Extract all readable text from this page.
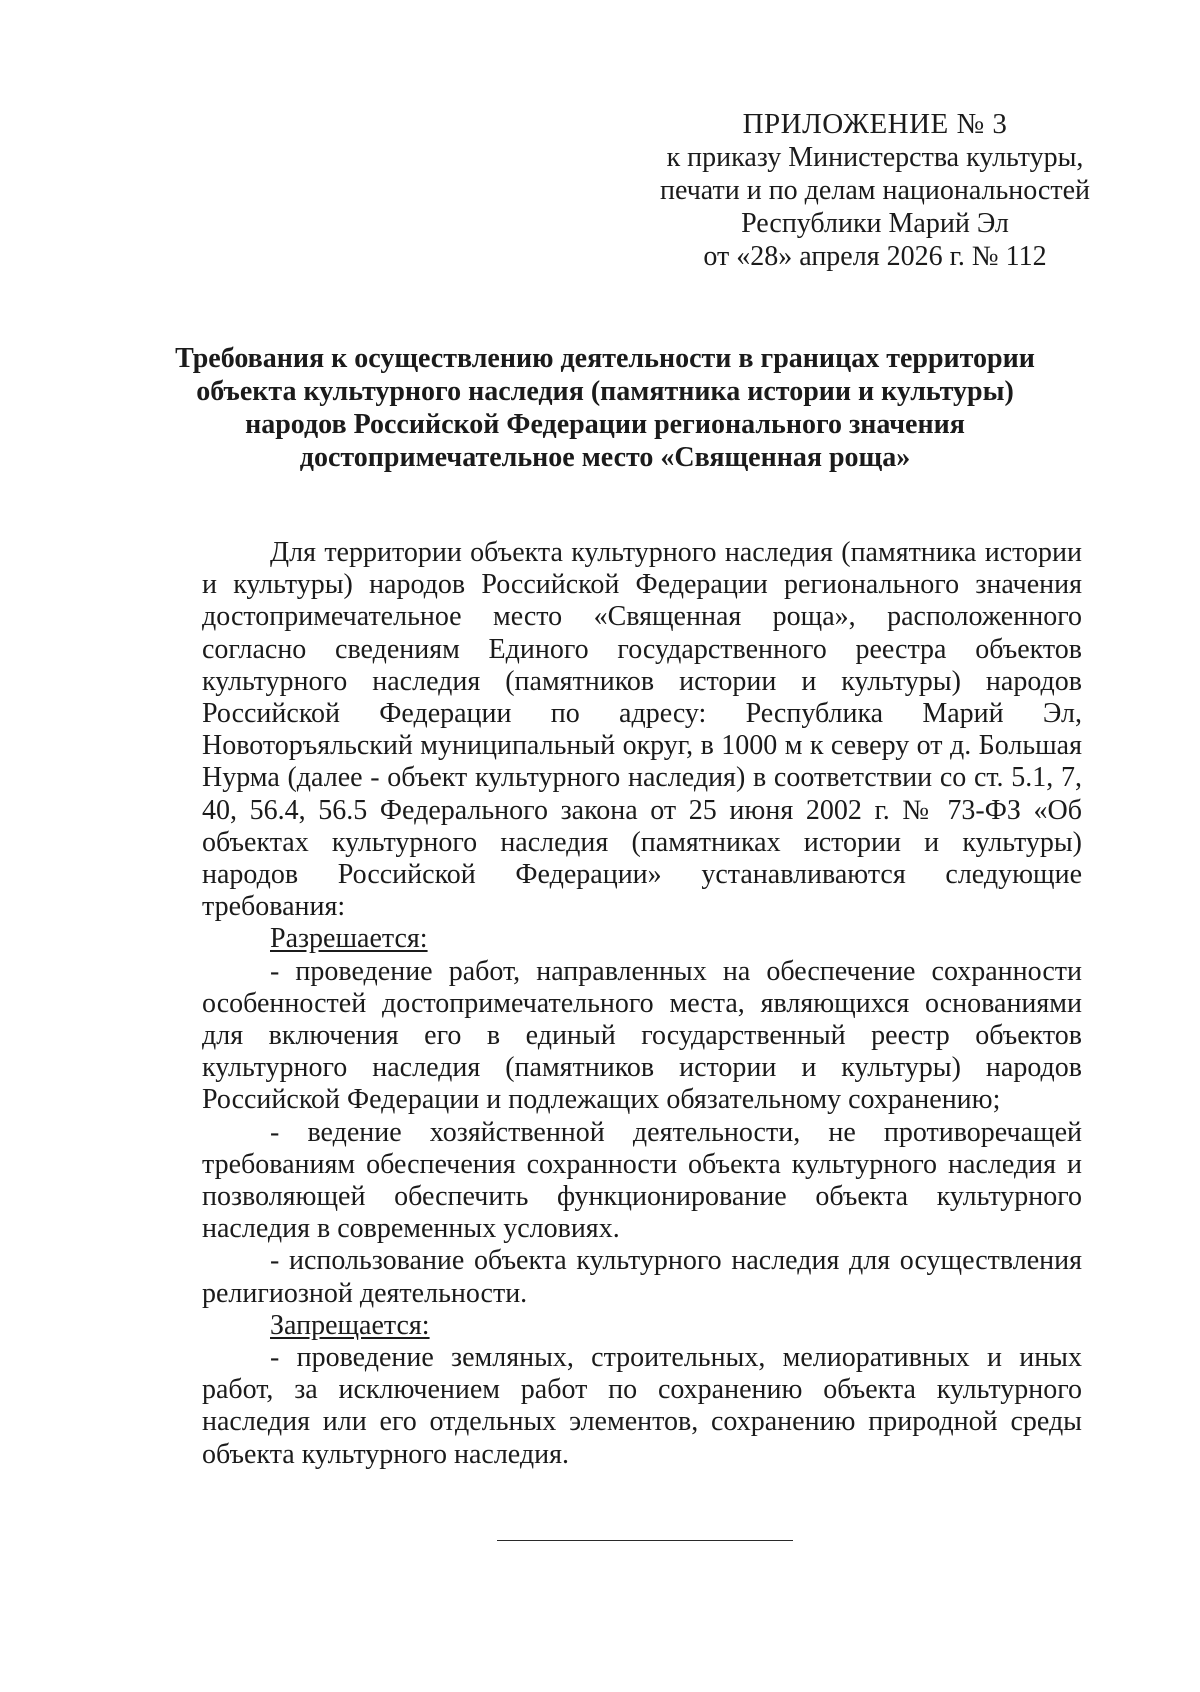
ПРИЛОЖЕНИЕ № 3
к приказу Министерства культуры,
печати и по делам национальностей
Республики Марий Эл
от «28» апреля 2026 г. № 112
Требования к осуществлению деятельности в границах территории
объекта культурного наследия (памятника истории и культуры)
народов Российской Федерации регионального значения
достопримечательное место «Священная роща»

Для территории объекта культурного наследия (памятника истории и культуры) народов Российской Федерации регионального значения достопримечательное место «Священная роща», расположенного согласно сведениям Единого государственного реестра объектов культурного наследия (памятников истории и культуры) народов Российской Федерации по адресу: Республика Марий Эл, Новоторъяльский муниципальный округ, в 1000 м к северу от д. Большая Нурма (далее - объект культурного наследия) в соответствии со ст. 5.1, 7, 40, 56.4, 56.5 Федерального закона от 25 июня 2002 г. № 73-ФЗ «Об объектах культурного наследия (памятниках истории и культуры) народов Российской Федерации» устанавливаются следующие требования:

Разрешается:

- проведение работ, направленных на обеспечение сохранности особенностей достопримечательного места, являющихся основаниями для включения его в единый государственный реестр объектов культурного наследия (памятников истории и культуры) народов Российской Федерации и подлежащих обязательному сохранению;

- ведение хозяйственной деятельности, не противоречащей требованиям обеспечения сохранности объекта культурного наследия и позволяющей обеспечить функционирование объекта культурного наследия в современных условиях.

- использование объекта культурного наследия для осуществления религиозной деятельности.

Запрещается:

- проведение земляных, строительных, мелиоративных и иных работ, за исключением работ по сохранению объекта культурного наследия или его отдельных элементов, сохранению природной среды объекта культурного наследия.
